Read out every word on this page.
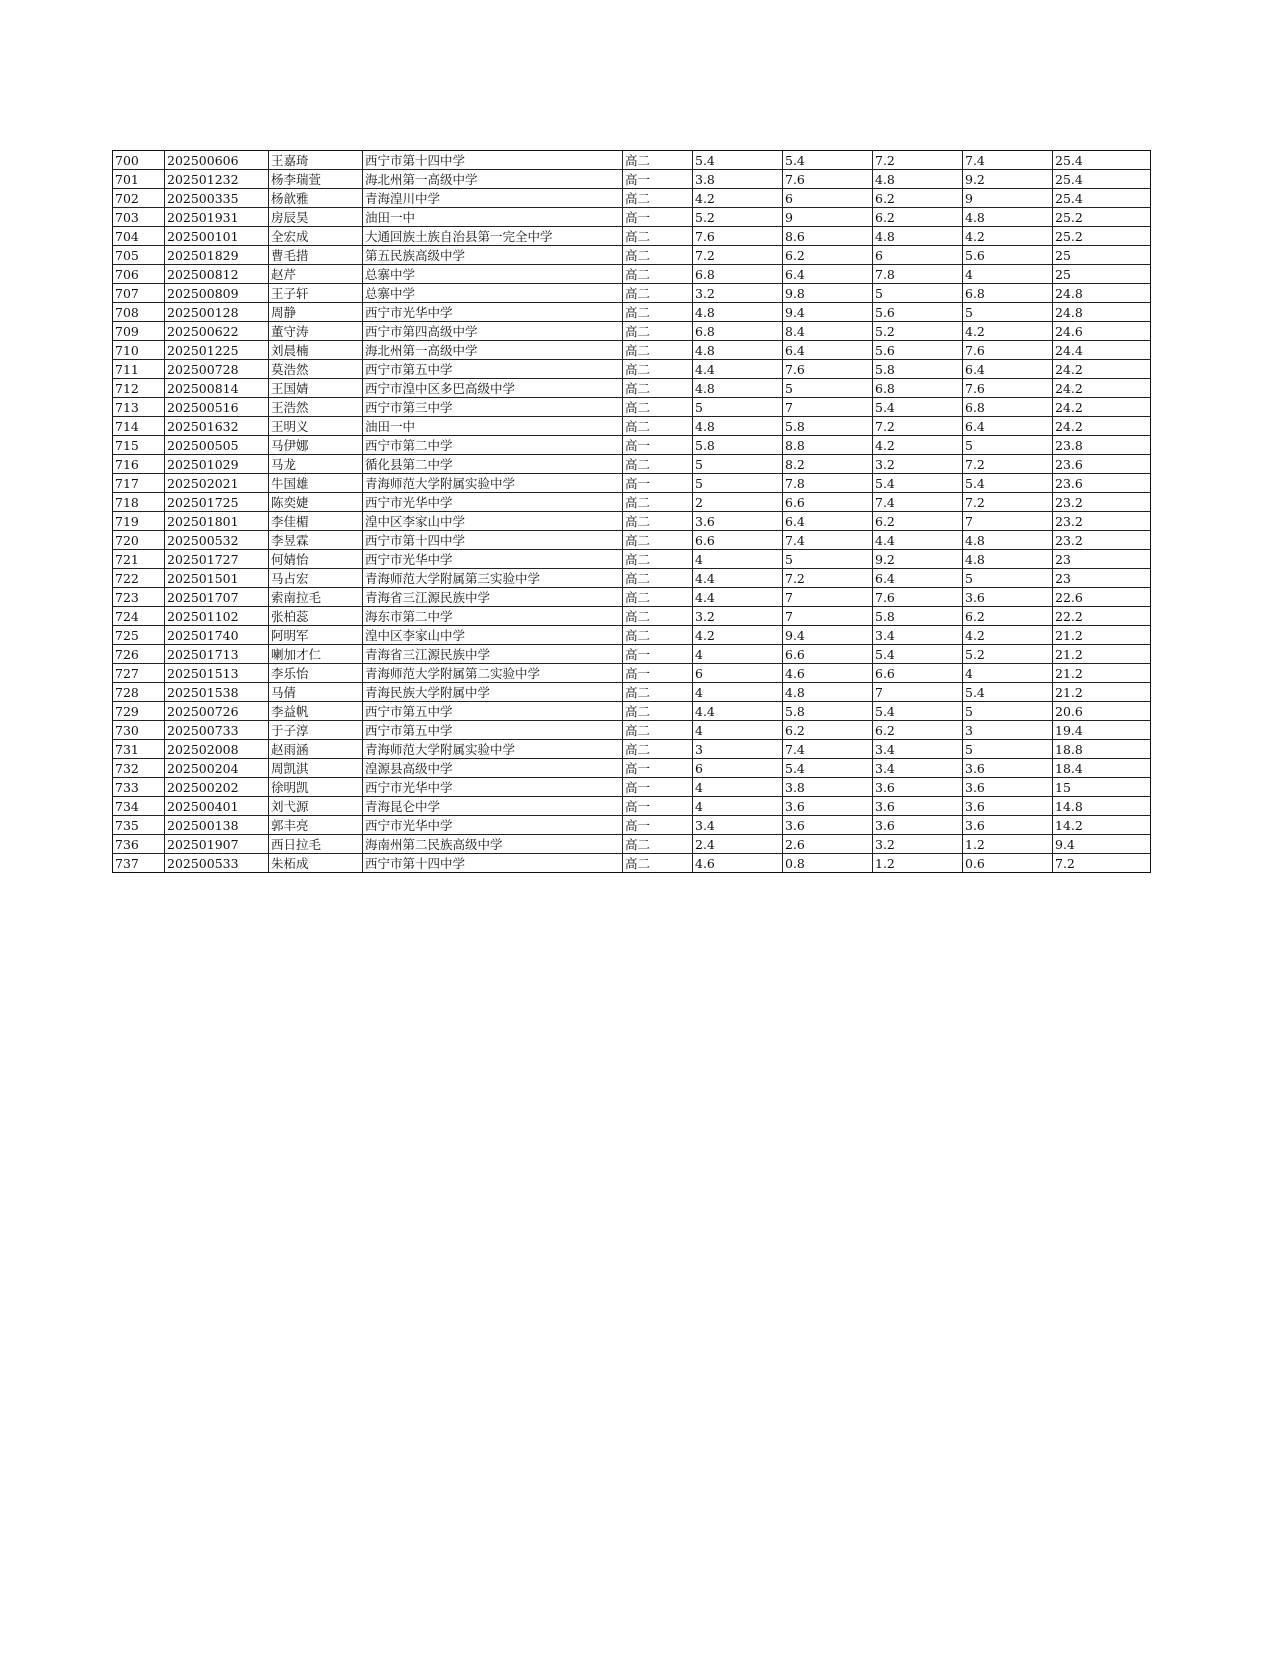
700	202500606	王嘉琦	西宁市第十四中学	高二	5.4	5.4	7.2	7.4	25.4
701	202501232	杨李瑞萱	海北州第一高级中学	高一	3.8	7.6	4.8	9.2	25.4
702	202500335	杨歆雅	青海湟川中学	高二	4.2	6	6.2	9	25.4
703	202501931	房辰昊	油田一中	高一	5.2	9	6.2	4.8	25.2
704	202500101	全宏成	大通回族土族自治县第一完全中学	高二	7.6	8.6	4.8	4.2	25.2
705	202501829	曹毛措	第五民族高级中学	高二	7.2	6.2	6	5.6	25
706	202500812	赵芹	总寨中学	高二	6.8	6.4	7.8	4	25
707	202500809	王子轩	总寨中学	高二	3.2	9.8	5	6.8	24.8
708	202500128	周静	西宁市光华中学	高二	4.8	9.4	5.6	5	24.8
709	202500622	董守涛	西宁市第四高级中学	高二	6.8	8.4	5.2	4.2	24.6
710	202501225	刘晨楠	海北州第一高级中学	高二	4.8	6.4	5.6	7.6	24.4
711	202500728	莫浩然	西宁市第五中学	高二	4.4	7.6	5.8	6.4	24.2
712	202500814	王国婧	西宁市湟中区多巴高级中学	高二	4.8	5	6.8	7.6	24.2
713	202500516	王浩然	西宁市第三中学	高二	5	7	5.4	6.8	24.2
714	202501632	王明义	油田一中	高二	4.8	5.8	7.2	6.4	24.2
715	202500505	马伊娜	西宁市第二中学	高一	5.8	8.8	4.2	5	23.8
716	202501029	马龙	循化县第二中学	高二	5	8.2	3.2	7.2	23.6
717	202502021	牛国雄	青海师范大学附属实验中学	高一	5	7.8	5.4	5.4	23.6
718	202501725	陈奕婕	西宁市光华中学	高二	2	6.6	7.4	7.2	23.2
719	202501801	李佳楣	湟中区李家山中学	高二	3.6	6.4	6.2	7	23.2
720	202500532	李昱霖	西宁市第十四中学	高二	6.6	7.4	4.4	4.8	23.2
721	202501727	何婧怡	西宁市光华中学	高二	4	5	9.2	4.8	23
722	202501501	马占宏	青海师范大学附属第三实验中学	高二	4.4	7.2	6.4	5	23
723	202501707	索南拉毛	青海省三江源民族中学	高二	4.4	7	7.6	3.6	22.6
724	202501102	张柏蕊	海东市第二中学	高二	3.2	7	5.8	6.2	22.2
725	202501740	阿明军	湟中区李家山中学	高二	4.2	9.4	3.4	4.2	21.2
726	202501713	喇加才仁	青海省三江源民族中学	高一	4	6.6	5.4	5.2	21.2
727	202501513	李乐怡	青海师范大学附属第二实验中学	高一	6	4.6	6.6	4	21.2
728	202501538	马倩	青海民族大学附属中学	高二	4	4.8	7	5.4	21.2
729	202500726	李益帆	西宁市第五中学	高二	4.4	5.8	5.4	5	20.6
730	202500733	于子淳	西宁市第五中学	高二	4	6.2	6.2	3	19.4
731	202502008	赵雨涵	青海师范大学附属实验中学	高二	3	7.4	3.4	5	18.8
732	202500204	周凯淇	湟源县高级中学	高一	6	5.4	3.4	3.6	18.4
733	202500202	徐明凯	西宁市光华中学	高一	4	3.8	3.6	3.6	15
734	202500401	刘弋源	青海昆仑中学	高一	4	3.6	3.6	3.6	14.8
735	202500138	郭丰亮	西宁市光华中学	高一	3.4	3.6	3.6	3.6	14.2
736	202501907	西日拉毛	海南州第二民族高级中学	高二	2.4	2.6	3.2	1.2	9.4
737	202500533	朱柘成	西宁市第十四中学	高二	4.6	0.8	1.2	0.6	7.2
